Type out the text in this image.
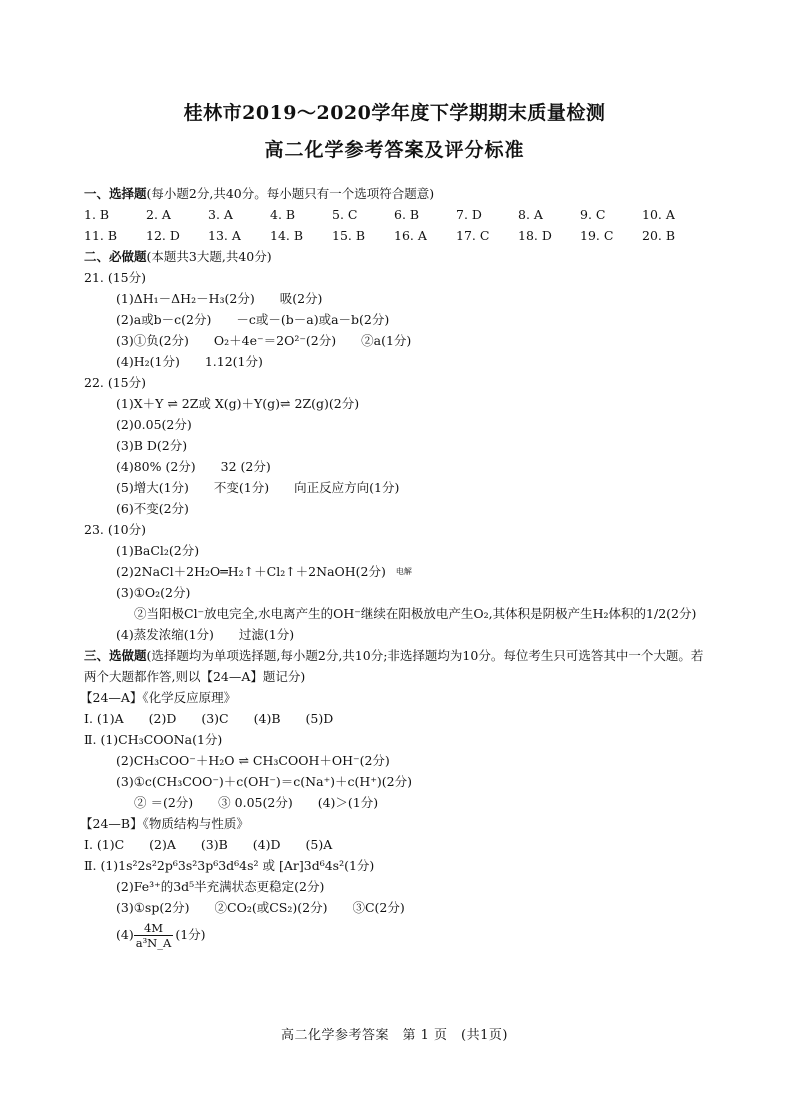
桂林市2019～2020学年度下学期期末质量检测
高二化学参考答案及评分标准
一、选择题(每小题2分,共40分。每小题只有一个选项符合题意)
1. B	2. A	3. A	4. B	5. C	6. B	7. D	8. A	9. C	10. A
11. B 12. D 13. A 14. B 15. B 16. A 17. C 18. D 19. C 20. B
二、必做题(本题共3大题,共40分)
21. (15分)
(1)ΔH₁－ΔH₂－H₃(2分)　　吸(2分)
(2)a或b－c(2分)　　－c或－(b－a)或a－b(2分)
(3)①负(2分)　　O₂＋4e⁻＝2O²⁻(2分)　　②a(1分)
(4)H₂(1分)　　1.12(1分)
22. (15分)
(1)X＋Y ⇌ 2Z或 X(g)＋Y(g)⇌ 2Z(g)(2分)
(2)0.05(2分)
(3)B D(2分)
(4)80% (2分)　　32 (2分)
(5)增大(1分)　　不变(1分)　　向正反应方向(1分)
(6)不变(2分)
23. (10分)
(1)BaCl₂(2分)
(2)2NaCl＋2H₂O═H₂↑＋Cl₂↑＋2NaOH(2分) $^{电解}$
(3)①O₂(2分)
②当阳极Cl⁻放电完全,水电离产生的OH⁻继续在阳极放电产生O₂,其体积是阴极产生H₂体积的1/2(2分)
(4)蒸发浓缩(1分)　　过滤(1分)
三、选做题(选择题均为单项选择题,每小题2分,共10分;非选择题均为10分。每位考生只可选答其中一个大题。若两个大题都作答,则以【24—A】题记分)
【24—A】《化学反应原理》
Ⅰ. (1)A　　(2)D　　(3)C　　(4)B　　(5)D
Ⅱ. (1)CH₃COONa(1分)
(2)CH₃COO⁻＋H₂O ⇌ CH₃COOH＋OH⁻(2分)
(3)①c(CH₃COO⁻)＋c(OH⁻)＝c(Na⁺)＋c(H⁺)(2分)
② ＝(2分)　　③ 0.05(2分)　　(4)＞(1分)
【24—B】《物质结构与性质》
Ⅰ. (1)C　　(2)A　　(3)B　　(4)D　　(5)A
Ⅱ. (1)1s²2s²2p⁶3s²3p⁶3d⁶4s² 或 [Ar]3d⁶4s²(1分)
(2)Fe³⁺的3d⁵半充满状态更稳定(2分)
(3)①sp(2分)　　②CO₂(或CS₂)(2分)　　③C(2分)
$(4) \frac{4M}{\text{a³N\_A}} (1$分)
高二化学参考答案　第 1 页　(共1页)
